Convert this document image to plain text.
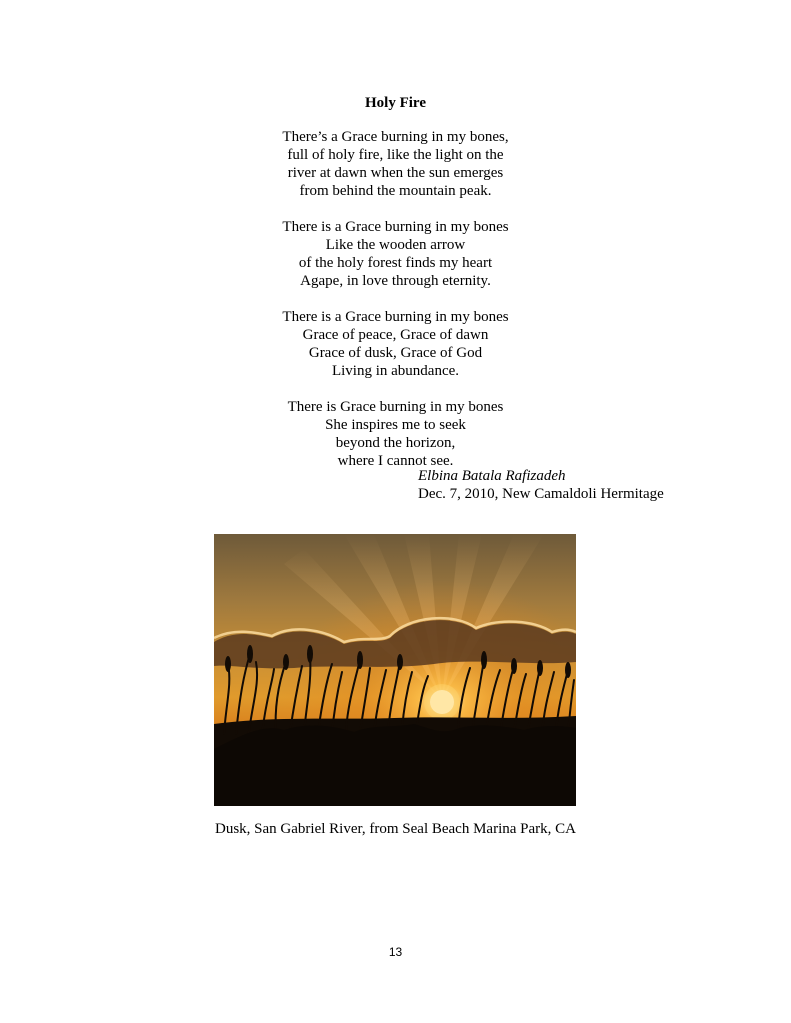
Holy Fire
There’s a Grace burning in my bones,
full of holy fire, like the light on the
river at dawn when the sun emerges
from behind the mountain peak.
There is a Grace burning in my bones
Like the wooden arrow
of the holy forest finds my heart
Agape, in love through eternity.
There is a Grace burning in my bones
Grace of peace, Grace of dawn
Grace of dusk, Grace of God
Living in abundance.
There is Grace burning in my bones
She inspires me to seek
beyond the horizon,
where I cannot see.
Elbina Batala Rafizadeh
Dec. 7, 2010, New Camaldoli Hermitage
Dusk, San Gabriel River, from Seal Beach Marina Park, CA
13
